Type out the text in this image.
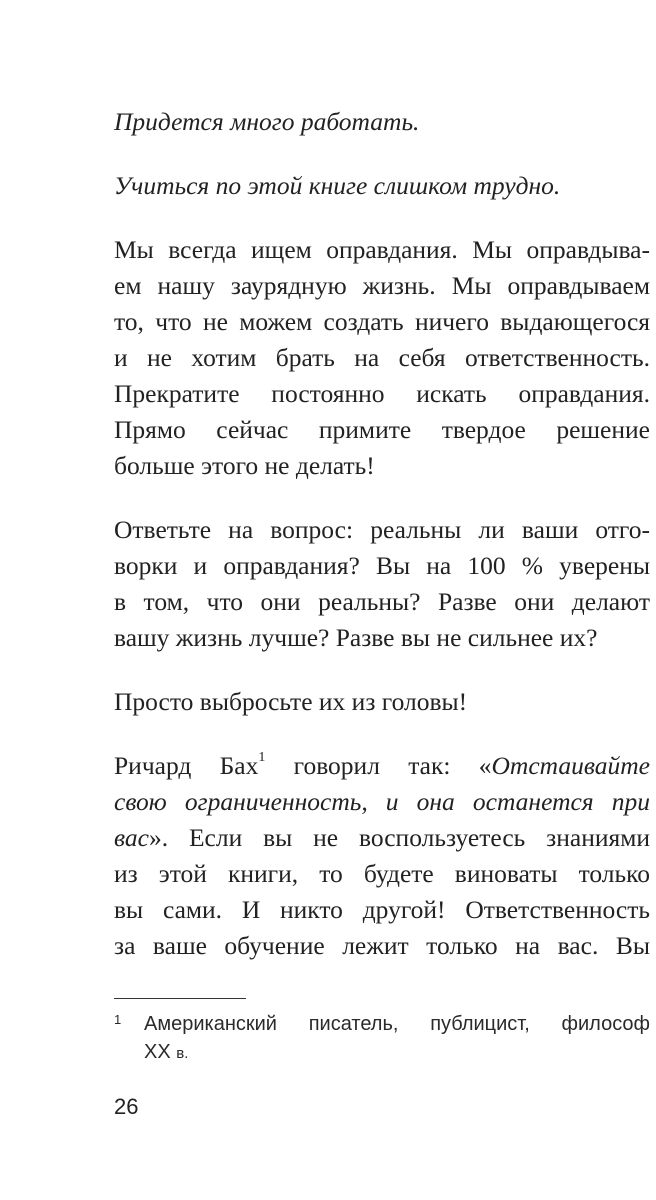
Придется много работать.
Учиться по этой книге слишком трудно.
Мы всегда ищем оправдания. Мы оправдыва-
ем нашу заурядную жизнь. Мы оправдываем
то, что не можем создать ничего выдающегося
и не хотим брать на себя ответственность.
Прекратите постоянно искать оправдания.
Прямо сейчас примите твердое решение
больше этого не делать!
Ответьте на вопрос: реальны ли ваши отго-
ворки и оправдания? Вы на 100 % уверены
в том, что они реальны? Разве они делают
вашу жизнь лучше? Разве вы не сильнее их?
Просто выбросьте их из головы!
Ричард Бах$^1$ говорил так: «Отстаивайте
свою ограниченность, и она останется при
вас». Если вы не воспользуетесь знаниями
из этой книги, то будете виноваты только
вы сами. И никто другой! Ответственность
за ваше обучение лежит только на вас. Вы
1 Американский писатель, публицист, философ
XX в.
26
